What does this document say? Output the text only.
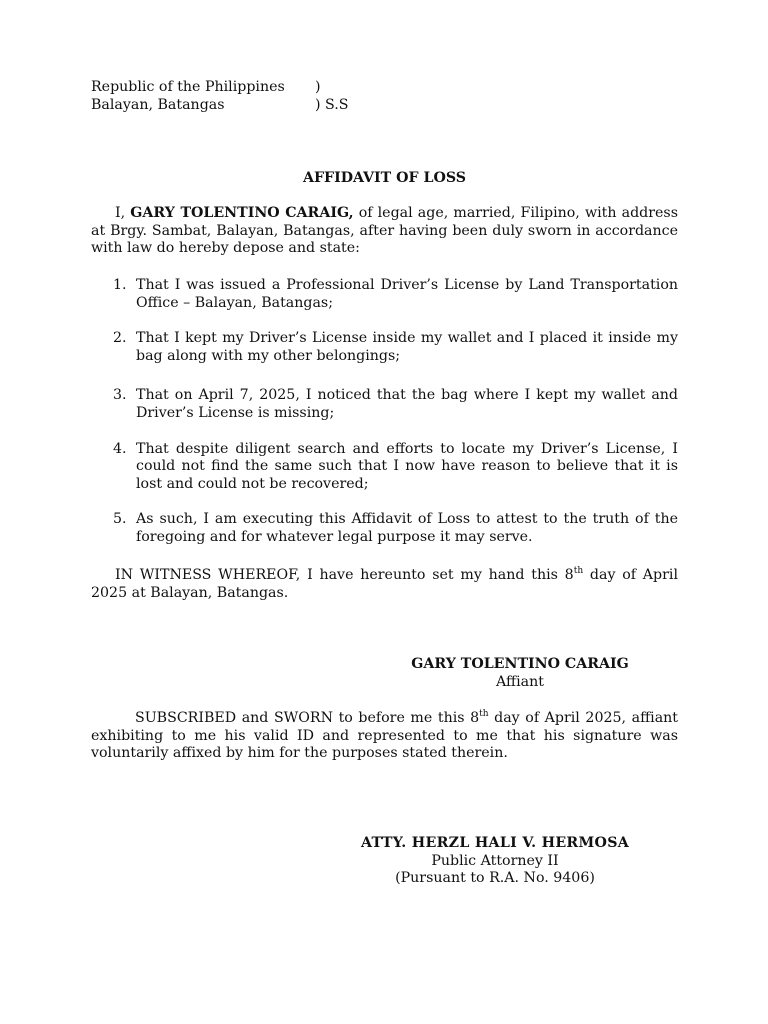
Republic of the Philippines )
Balayan, Batangas	) S.S
AFFIDAVIT OF LOSS

I, GARY TOLENTINO CARAIG, of legal age, married, Filipino, with address at Brgy. Sambat, Balayan, Batangas, after having been duly sworn in accordance with law do hereby depose and state:

1. That I was issued a Professional Driver’s License by Land Transportation Office – Balayan, Batangas;
2. That I kept my Driver’s License inside my wallet and I placed it inside my bag along with my other belongings;
3. That on April 7, 2025, I noticed that the bag where I kept my wallet and Driver’s License is missing;
4. That despite diligent search and efforts to locate my Driver’s License, I could not find the same such that I now have reason to believe that it is lost and could not be recovered;
5. As such, I am executing this Affidavit of Loss to attest to the truth of the foregoing and for whatever legal purpose it may serve.

IN WITNESS WHEREOF, I have hereunto set my hand this 8th day of April 2025 at Balayan, Batangas.

GARY TOLENTINO CARAIG
Affiant

SUBSCRIBED and SWORN to before me this 8th day of April 2025, affiant exhibiting to me his valid ID and represented to me that his signature was voluntarily affixed by him for the purposes stated therein.

ATTY. HERZL HALI V. HERMOSA
Public Attorney II
(Pursuant to R.A. No. 9406)
